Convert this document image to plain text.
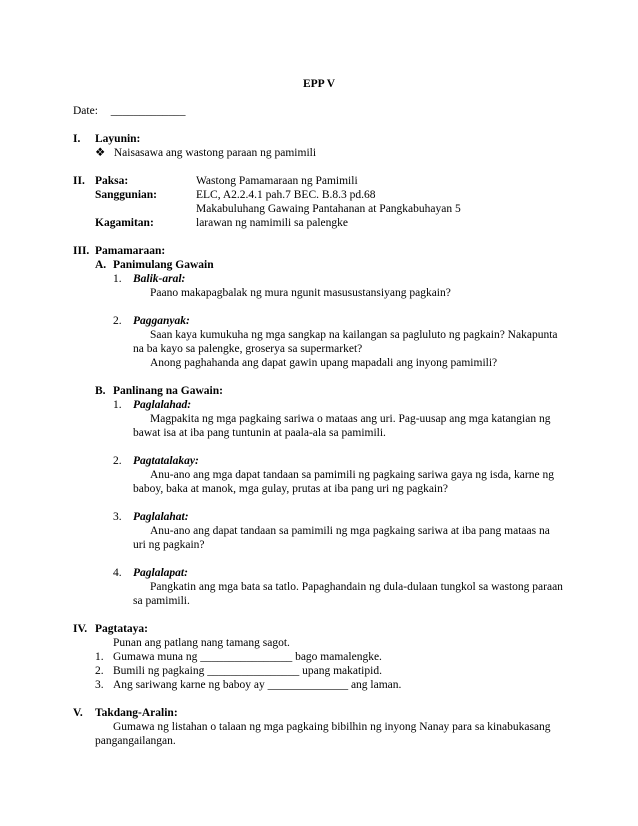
EPP V
Date: _____________
I. Layunin:
❖ Naisasawa ang wastong paraan ng pamimili
II. Paksa:	Wastong Pamamaraan ng Pamimili
Sanggunian:	ELC, A2.2.4.1 pah.7 BEC. B.8.3 pd.68
Makabuluhang Gawaing Pantahanan at Pangkabuhayan 5
Kagamitan:	larawan ng namimili sa palengke
III. Pamamaraan:
A. Panimulang Gawain
1. Balik-aral:
Paano makapagbalak ng mura ngunit masusustansiyang pagkain?
2. Pagganyak:
Saan kaya kumukuha ng mga sangkap na kailangan sa pagluluto ng pagkain? Nakapunta
na ba kayo sa palengke, groserya sa supermarket?
Anong paghahanda ang dapat gawin upang mapadali ang inyong pamimili?
B. Panlinang na Gawain:
1. Paglalahad:
Magpakita ng mga pagkaing sariwa o mataas ang uri. Pag-uusap ang mga katangian ng
bawat isa at iba pang tuntunin at paala-ala sa pamimili.
2. Pagtatalakay:
Anu-ano ang mga dapat tandaan sa pamimili ng pagkaing sariwa gaya ng isda, karne ng
baboy, baka at manok, mga gulay, prutas at iba pang uri ng pagkain?
3. Paglalahat:
Anu-ano ang dapat tandaan sa pamimili ng mga pagkaing sariwa at iba pang mataas na
uri ng pagkain?
4. Paglalapat:
Pangkatin ang mga bata sa tatlo. Papaghandain ng dula-dulaan tungkol sa wastong paraan
sa pamimili.
IV. Pagtataya:
Punan ang patlang nang tamang sagot.
1. Gumawa muna ng ________________ bago mamalengke.
2. Bumili ng pagkaing ________________ upang makatipid.
3. Ang sariwang karne ng baboy ay ______________ ang laman.
V. Takdang-Aralin:
Gumawa ng listahan o talaan ng mga pagkaing bibilhin ng inyong Nanay para sa kinabukasang
pangangailangan.
